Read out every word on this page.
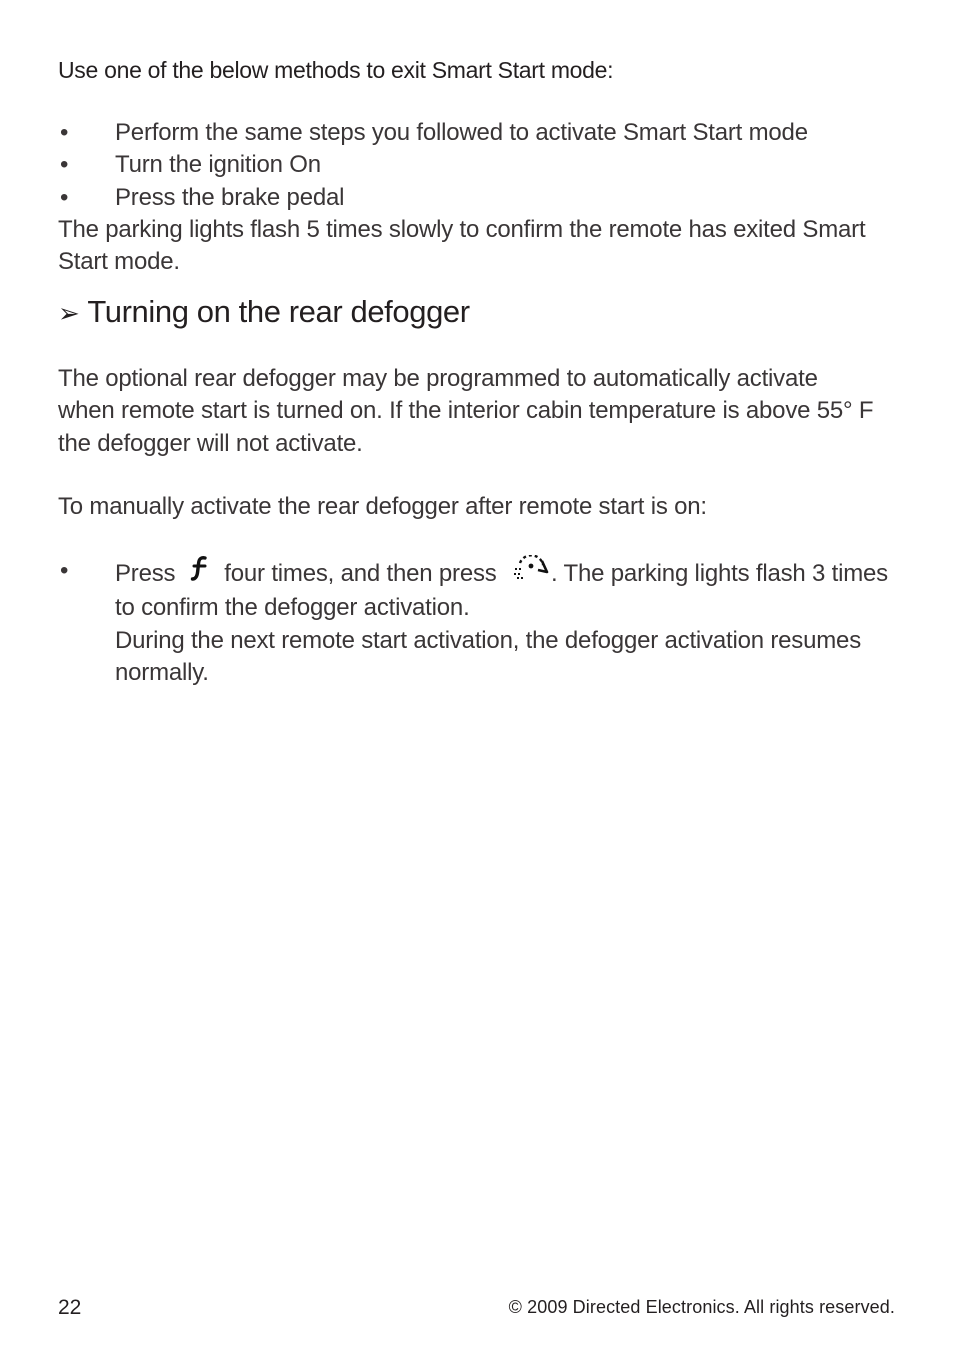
Use one of the below methods to exit Smart Start mode:
• Perform the same steps you followed to activate Smart Start mode
• Turn the ignition On
• Press the brake pedal
The parking lights flash 5 times slowly to confirm the remote has exited Smart
Start mode.
➢ Turning on the rear defogger
The optional rear defogger may be programmed to automatically activate
when remote start is turned on. If the interior cabin temperature is above 55° F
the defogger will not activate.
To manually activate the rear defogger after remote start is on:
• Press four times, and then press . The parking lights flash 3 times
to confirm the defogger activation.
During the next remote start activation, the defogger activation resumes
normally.
22	© 2009 Directed Electronics. All rights reserved.
